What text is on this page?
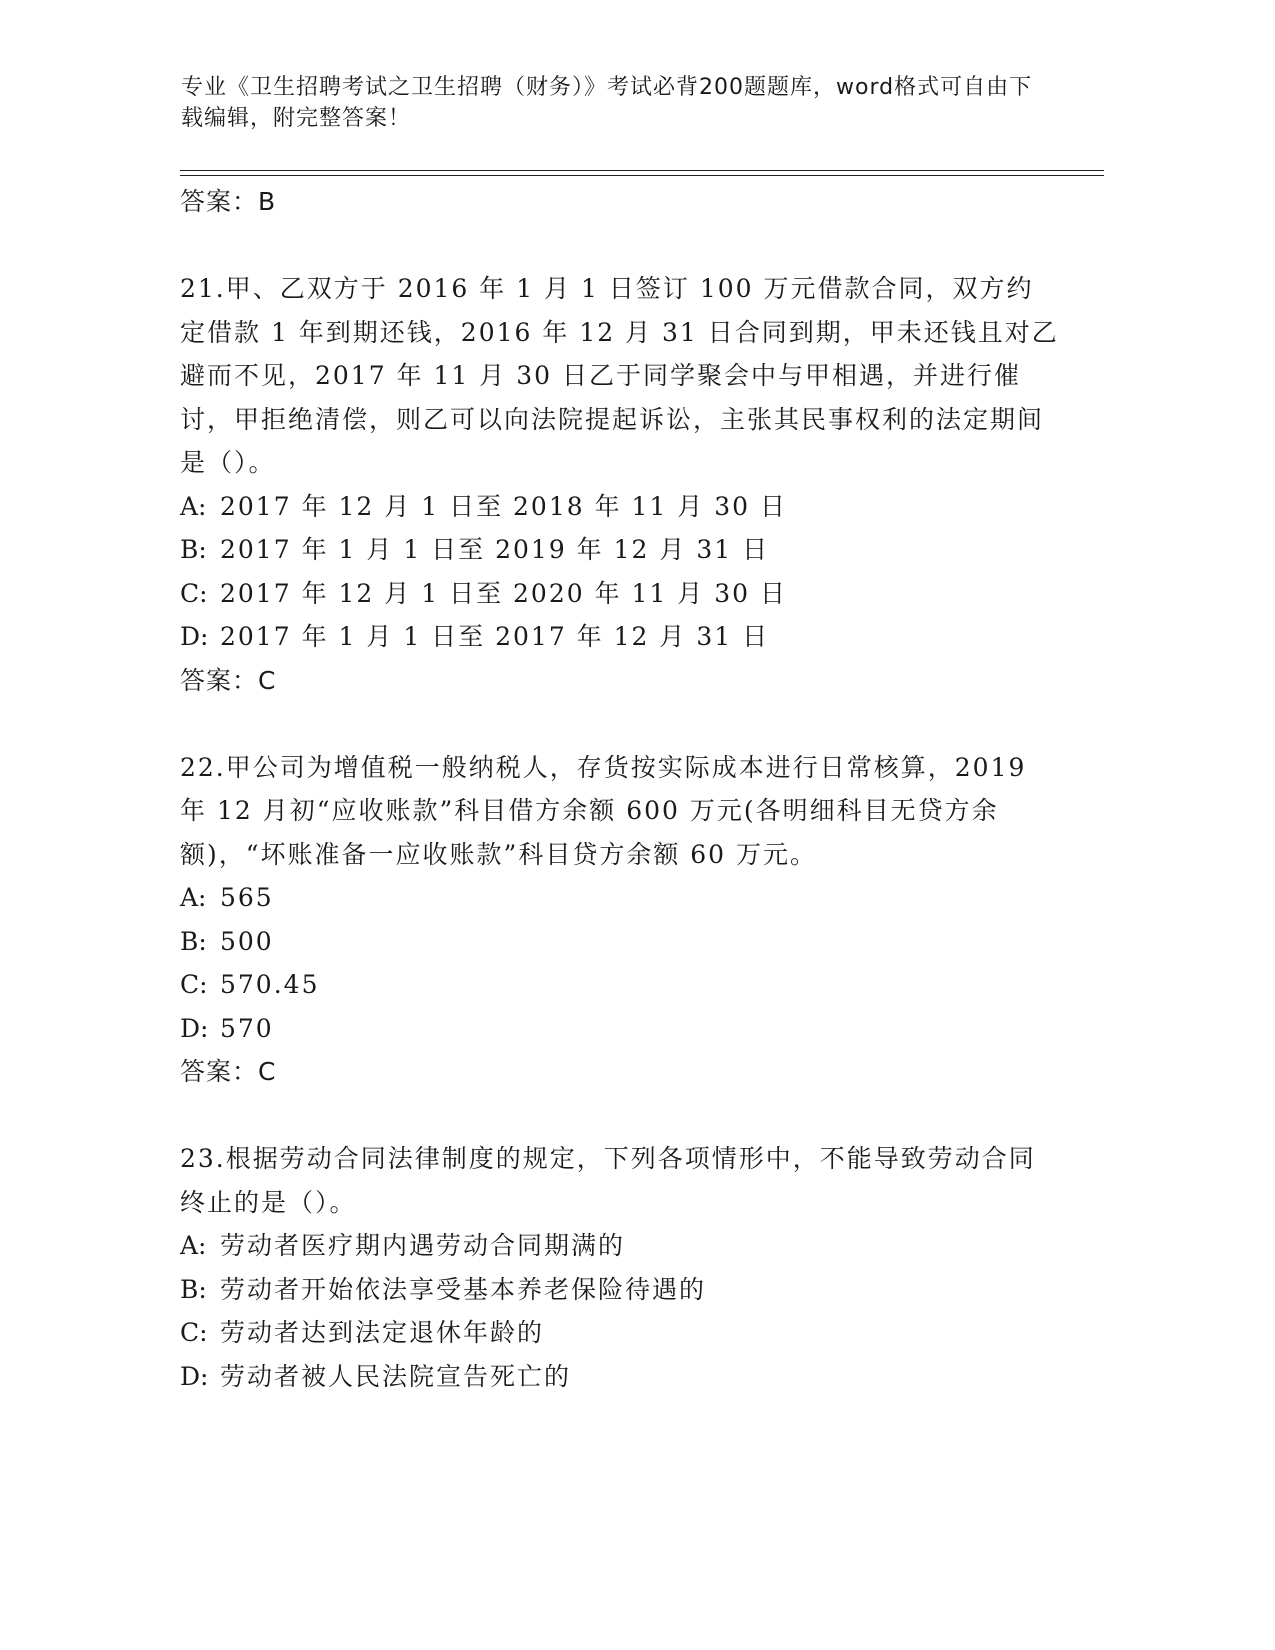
专业《卫生招聘考试之卫生招聘（财务）》考试必背200题题库，word格式可自由下载编辑，附完整答案！
答案：B
21.甲、乙双方于 2016 年 1 月 1 日签订 100 万元借款合同，双方约定借款 1 年到期还钱，2016 年 12 月 31 日合同到期，甲未还钱且对乙避而不见，2017 年 11 月 30 日乙于同学聚会中与甲相遇，并进行催讨，甲拒绝清偿，则乙可以向法院提起诉讼，主张其民事权利的法定期间是（）。
A: 2017 年 12 月 1 日至 2018 年 11 月 30 日
B: 2017 年 1 月 1 日至 2019 年 12 月 31 日
C: 2017 年 12 月 1 日至 2020 年 11 月 30 日
D: 2017 年 1 月 1 日至 2017 年 12 月 31 日
答案：C
22.甲公司为增值税一般纳税人，存货按实际成本进行日常核算，2019 年 12 月初“应收账款”科目借方余额 600 万元(各明细科目无贷方余额)，“坏账准备一应收账款”科目贷方余额 60 万元。
A: 565
B: 500
C: 570.45
D: 570
答案：C
23.根据劳动合同法律制度的规定，下列各项情形中，不能导致劳动合同终止的是（）。
A: 劳动者医疗期内遇劳动合同期满的
B: 劳动者开始依法享受基本养老保险待遇的
C: 劳动者达到法定退休年龄的
D: 劳动者被人民法院宣告死亡的
